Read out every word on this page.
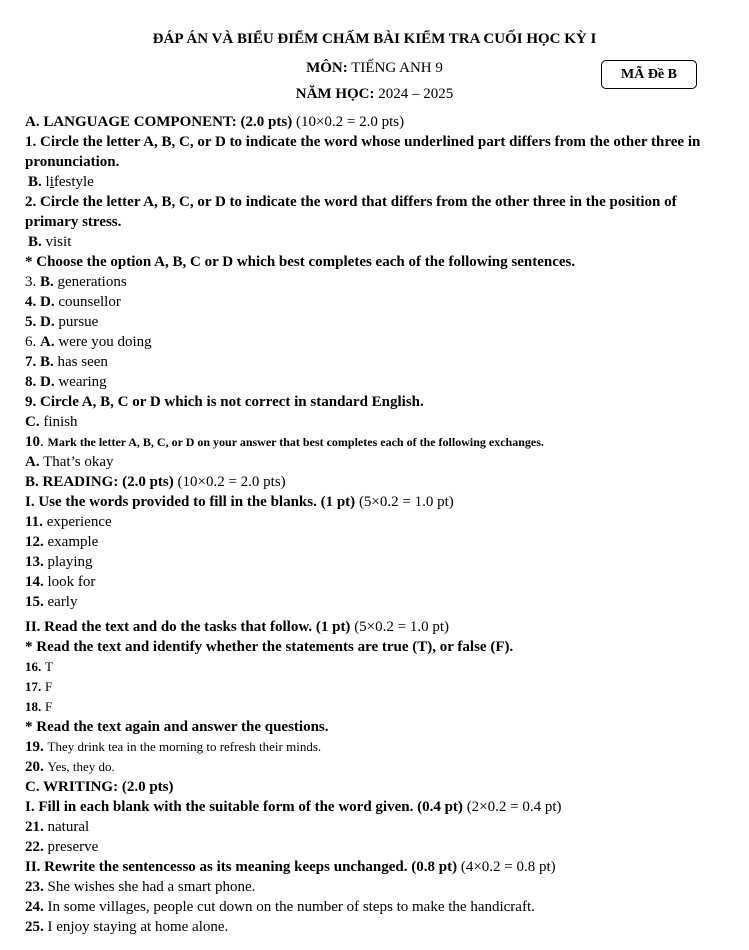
ĐÁP ÁN VÀ BIỂU ĐIỂM CHẤM BÀI KIỂM TRA CUỐI HỌC KỲ I
MÔN: TIẾNG ANH 9	MÃ Đề B
NĂM HỌC: 2024 – 2025
A. LANGUAGE COMPONENT: (2.0 pts) (10×0.2 = 2.0 pts)
1. Circle the letter A, B, C, or D to indicate the word whose underlined part differs from the other three in pronunciation.
B. lifestyle
2. Circle the letter A, B, C, or D to indicate the word that differs from the other three in the position of primary stress.
B. visit
* Choose the option A, B, C or D which best completes each of the following sentences.
3. B. generations
4. D. counsellor
5. D. pursue
6. A. were you doing
7. B. has seen
8. D. wearing
9. Circle A, B, C or D which is not correct in standard English.
C. finish
10. Mark the letter A, B, C, or D on your answer that best completes each of the following exchanges.
A. That’s okay
B. READING: (2.0 pts) (10×0.2 = 2.0 pts)
I. Use the words provided to fill in the blanks. (1 pt) (5×0.2 = 1.0 pt)
11. experience
12. example
13. playing
14. look for
15. early
II. Read the text and do the tasks that follow. (1 pt) (5×0.2 = 1.0 pt)
* Read the text and identify whether the statements are true (T), or false (F).
16. T
17. F
18. F
* Read the text again and answer the questions.
19. They drink tea in the morning to refresh their minds.
20. Yes, they do.
C. WRITING: (2.0 pts)
I. Fill in each blank with the suitable form of the word given. (0.4 pt) (2×0.2 = 0.4 pt)
21. natural
22. preserve
II. Rewrite the sentencesso as its meaning keeps unchanged. (0.8 pt) (4×0.2 = 0.8 pt)
23. She wishes she had a smart phone.
24. In some villages, people cut down on the number of steps to make the handicraft.
25. I enjoy staying at home alone.
